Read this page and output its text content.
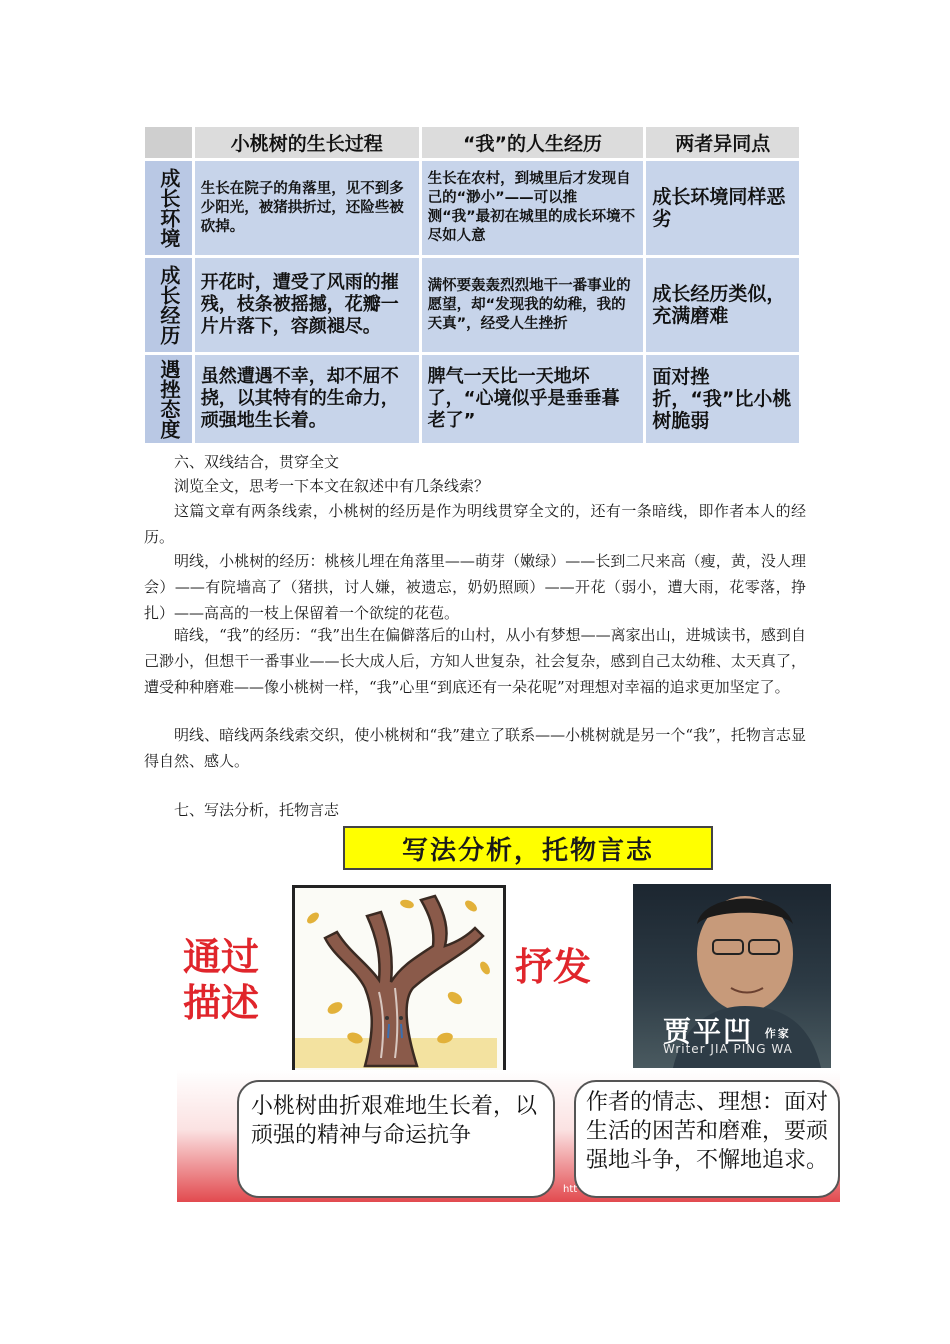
	小桃树的生长过程	“我”的人生经历	两者异同点
成长环境	生长在院子的角落里，见不到多少阳光，被猪拱折过，还险些被砍掉。	生长在农村，到城里后才发现自己的“渺小”——可以推测“我”最初在城里的成长环境不尽如人意	成长环境同样恶劣
成长经历	开花时，遭受了风雨的摧残，枝条被摇撼，花瓣一片片落下，容颜褪尽。	满怀要轰轰烈烈地干一番事业的愿望，却“发现我的幼稚，我的天真”，经受人生挫折	成长经历类似，充满磨难
遇挫态度	虽然遭遇不幸，却不屈不挠，以其特有的生命力，顽强地生长着。	脾气一天比一天地坏了，“心境似乎是垂垂暮老了”	面对挫折，“我”比小桃树脆弱

六、双线结合，贯穿全文

浏览全文，思考一下本文在叙述中有几条线索？

这篇文章有两条线索，小桃树的经历是作为明线贯穿全文的，还有一条暗线，即作者本人的经历。

明线，小桃树的经历：桃核儿埋在角落里——萌芽（嫩绿）——长到二尺来高（瘦，黄，没人理会）——有院墙高了（猪拱，讨人嫌，被遗忘，奶奶照顾）——开花（弱小，遭大雨，花零落，挣扎）——高高的一枝上保留着一个欲绽的花苞。

暗线，“我”的经历：“我”出生在偏僻落后的山村，从小有梦想——离家出山，进城读书，感到自己渺小，但想干一番事业——长大成人后，方知人世复杂，社会复杂，感到自己太幼稚、太天真了，遭受种种磨难——像小桃树一样，“我”心里“到底还有一朵花呢”对理想对幸福的追求更加坚定了。

明线、暗线两条线索交织，使小桃树和“我”建立了联系——小桃树就是另一个“我”，托物言志显得自然、感人。

七、写法分析，托物言志

写法分析，托物言志
通过
描述
抒发
贾平凹 作家
Writer JIA PING WA
小桃树曲折艰难地生长着，以顽强的精神与命运抗争
作者的情志、理想：面对生活的困苦和磨难，要顽强地斗争，不懈地追求。
htt
